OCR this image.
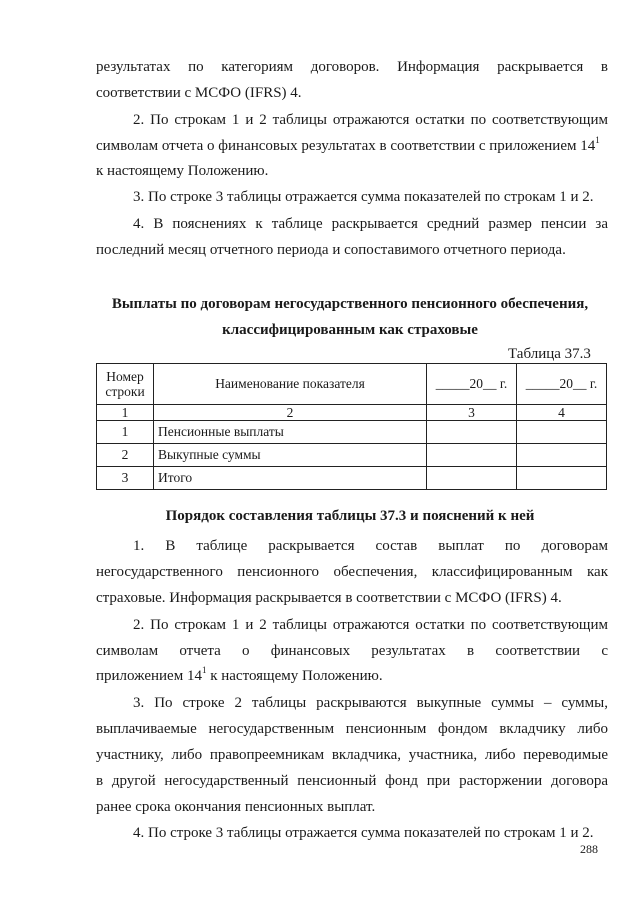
результатах по категориям договоров. Информация раскрывается в
соответствии с МСФО (IFRS) 4.
2. По строкам 1 и 2 таблицы отражаются остатки по соответствующим
символам отчета о финансовых результатах в соответствии с приложением $14^1$
к настоящему Положению.
3. По строке 3 таблицы отражается сумма показателей по строкам 1 и 2.
4. В пояснениях к таблице раскрывается средний размер пенсии за
последний месяц отчетного периода и сопоставимого отчетного периода.
Выплаты по договорам негосударственного пенсионного обеспечения,
классифицированным как страховые
Таблица 37.3
Номер строки	Наименование показателя	_____20__ г.	_____20__ г.
1	2	3	4
1	Пенсионные выплаты		
2	Выкупные суммы		
3	Итого		
Порядок составления таблицы 37.3 и пояснений к ней
1. В таблице раскрывается состав выплат по договорам
негосударственного пенсионного обеспечения, классифицированным как
страховые. Информация раскрывается в соответствии с МСФО (IFRS) 4.
2. По строкам 1 и 2 таблицы отражаются остатки по соответствующим
символам отчета о финансовых результатах в соответствии с
приложением $14^1$ к настоящему Положению.
3. По строке 2 таблицы раскрываются выкупные суммы – суммы,
выплачиваемые негосударственным пенсионным фондом вкладчику либо
участнику, либо правопреемникам вкладчика, участника, либо переводимые
в другой негосударственный пенсионный фонд при расторжении договора
ранее срока окончания пенсионных выплат.
4. По строке 3 таблицы отражается сумма показателей по строкам 1 и 2.
288
